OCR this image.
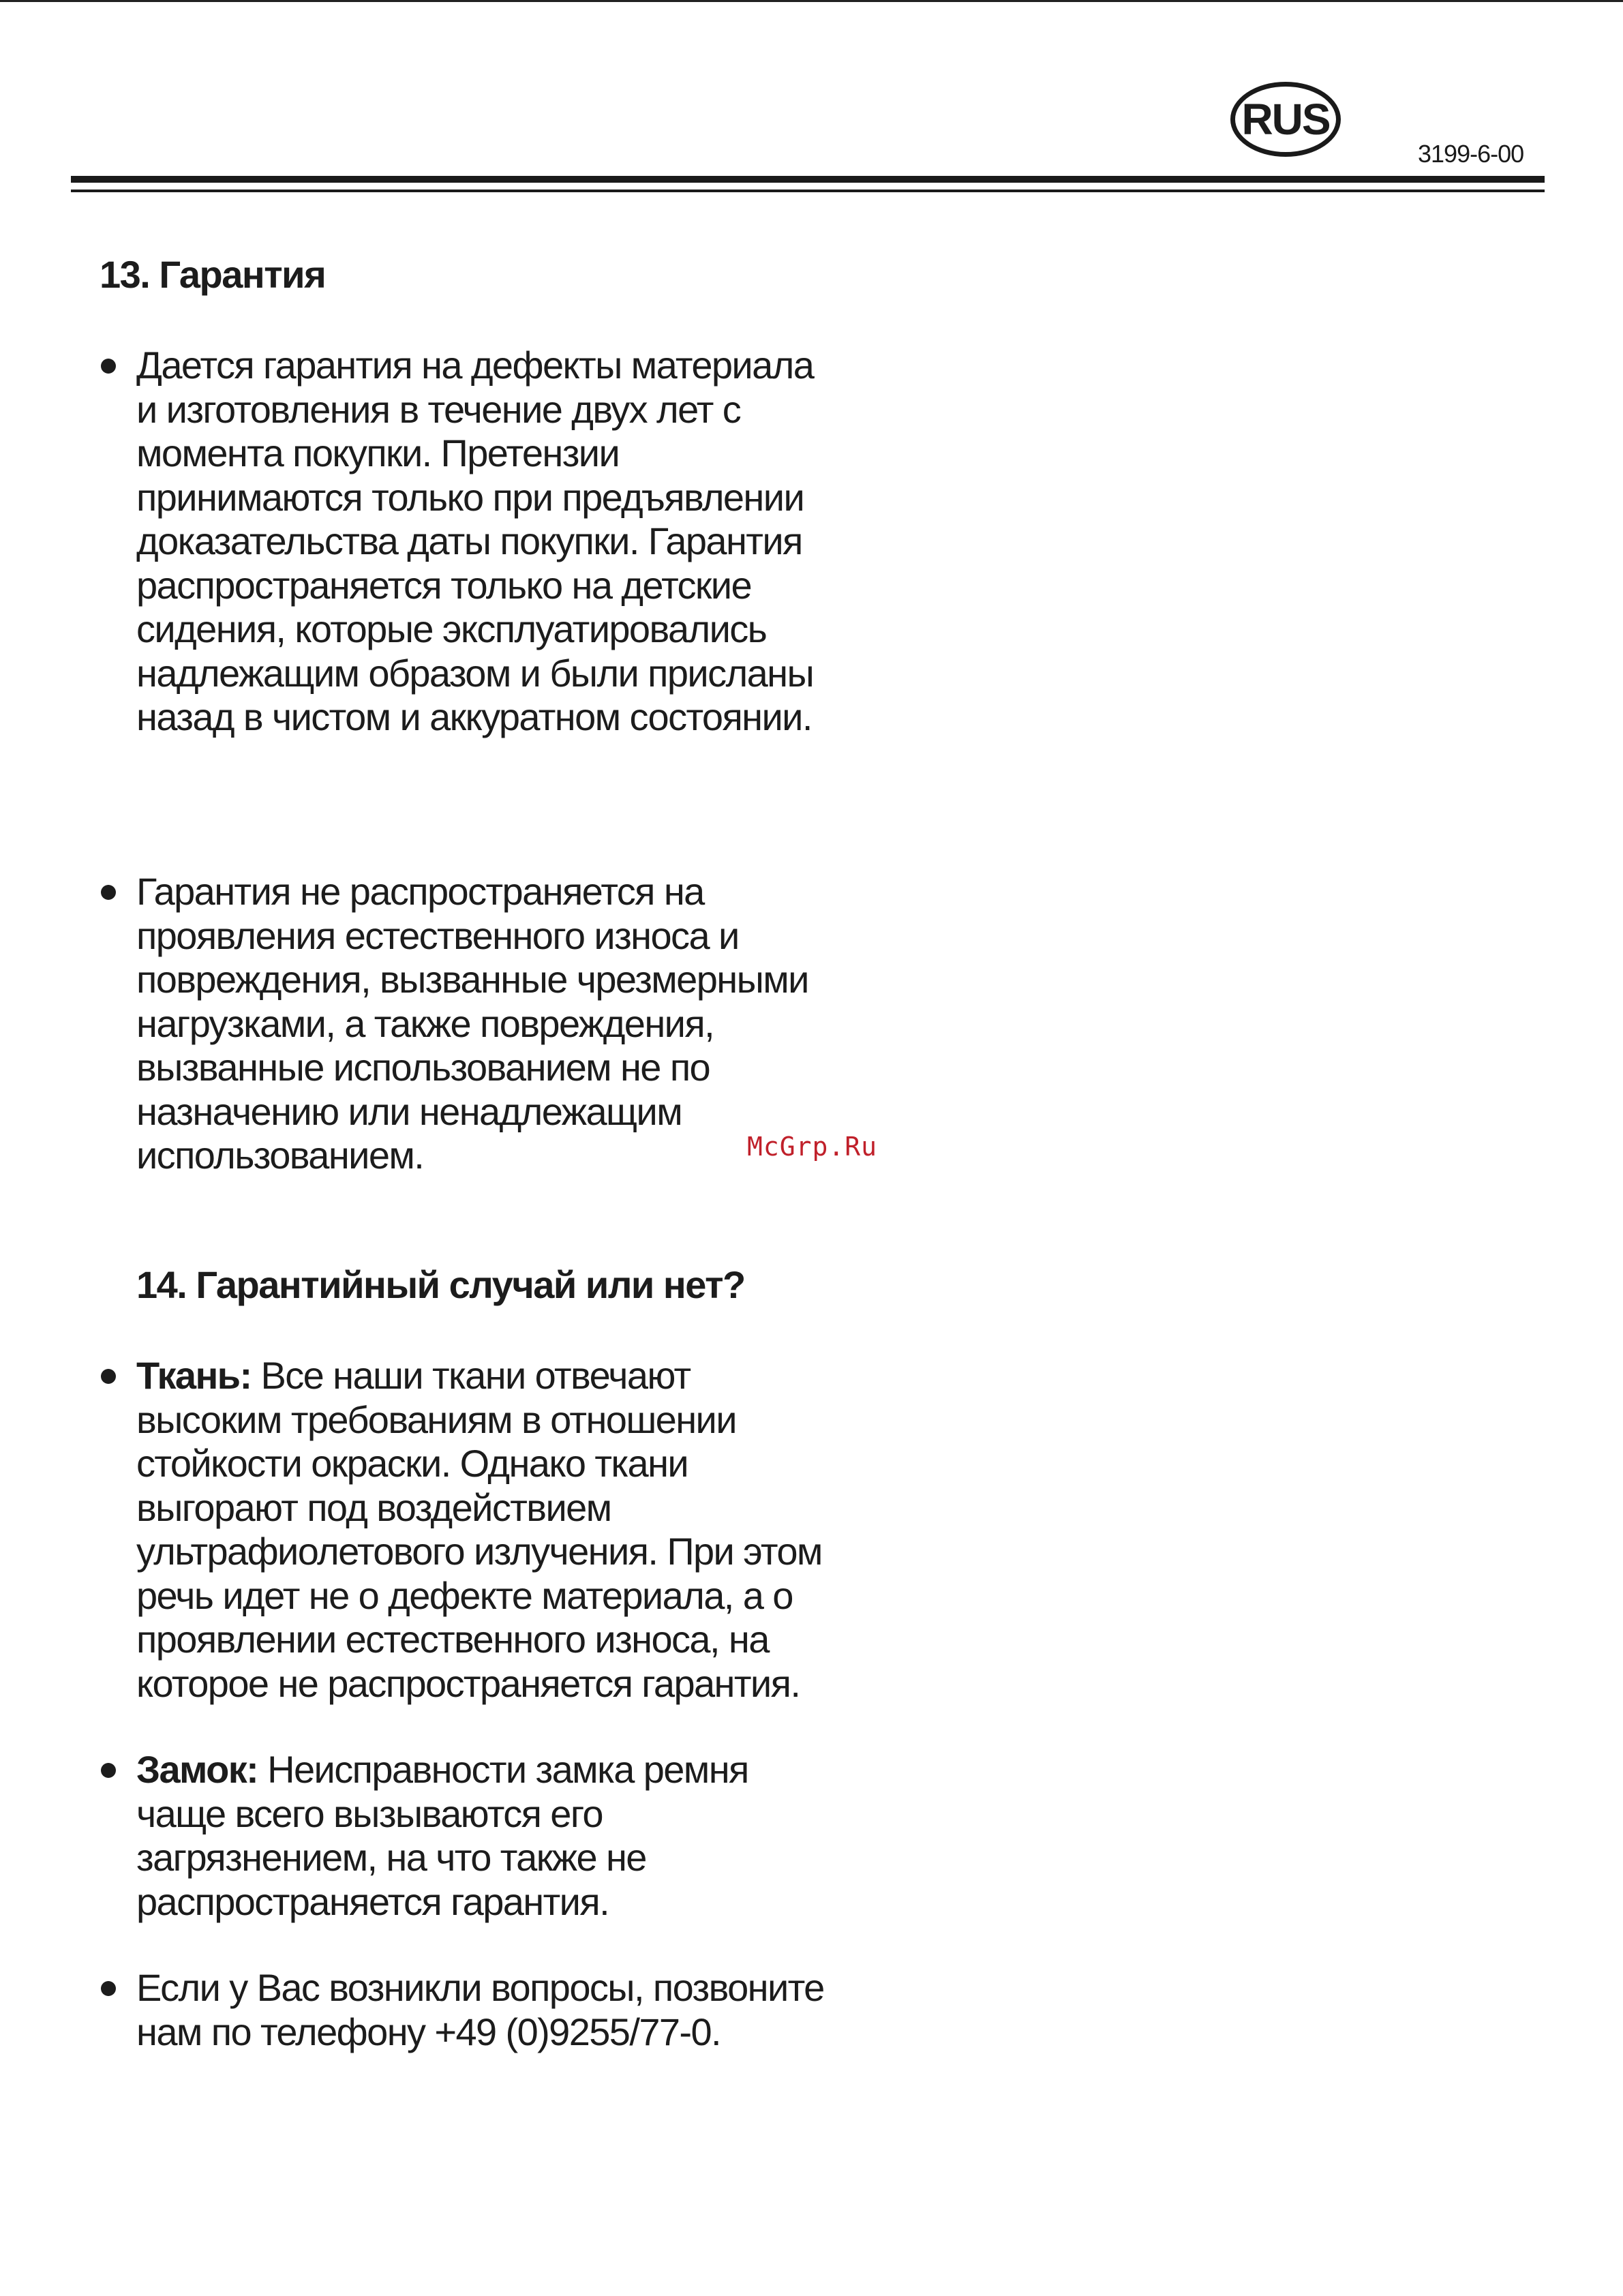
RUS
3199-6-00
13. Гарантия

Дается гарантия на дефекты материала
и изготовления в течение двух лет с
момента покупки. Претензии
принимаются только при предъявлении
доказательства даты покупки. Гарантия
распространяется только на детские
сидения, которые эксплуатировались
надлежащим образом и были присланы
назад в чистом и аккуратном состоянии.

Гарантия не распространяется на
проявления естественного износа и
повреждения, вызванные чрезмерными
нагрузками, а также повреждения,
вызванные использованием не по
назначению или ненадлежащим
использованием.	McGrp.Ru
14. Гарантийный случай или нет?

Ткань: Все наши ткани отвечают
высоким требованиям в отношении
стойкости окраски. Однако ткани
выгорают под воздействием
ультрафиолетового излучения. При этом
речь идет не о дефекте материала, а о
проявлении естественного износа, на
которое не распространяется гарантия.

Замок: Неисправности замка ремня
чаще всего вызываются его
загрязнением, на что также не
распространяется гарантия.

Если у Вас возникли вопросы, позвоните
нам по телефону +49 (0)9255/77-0.
